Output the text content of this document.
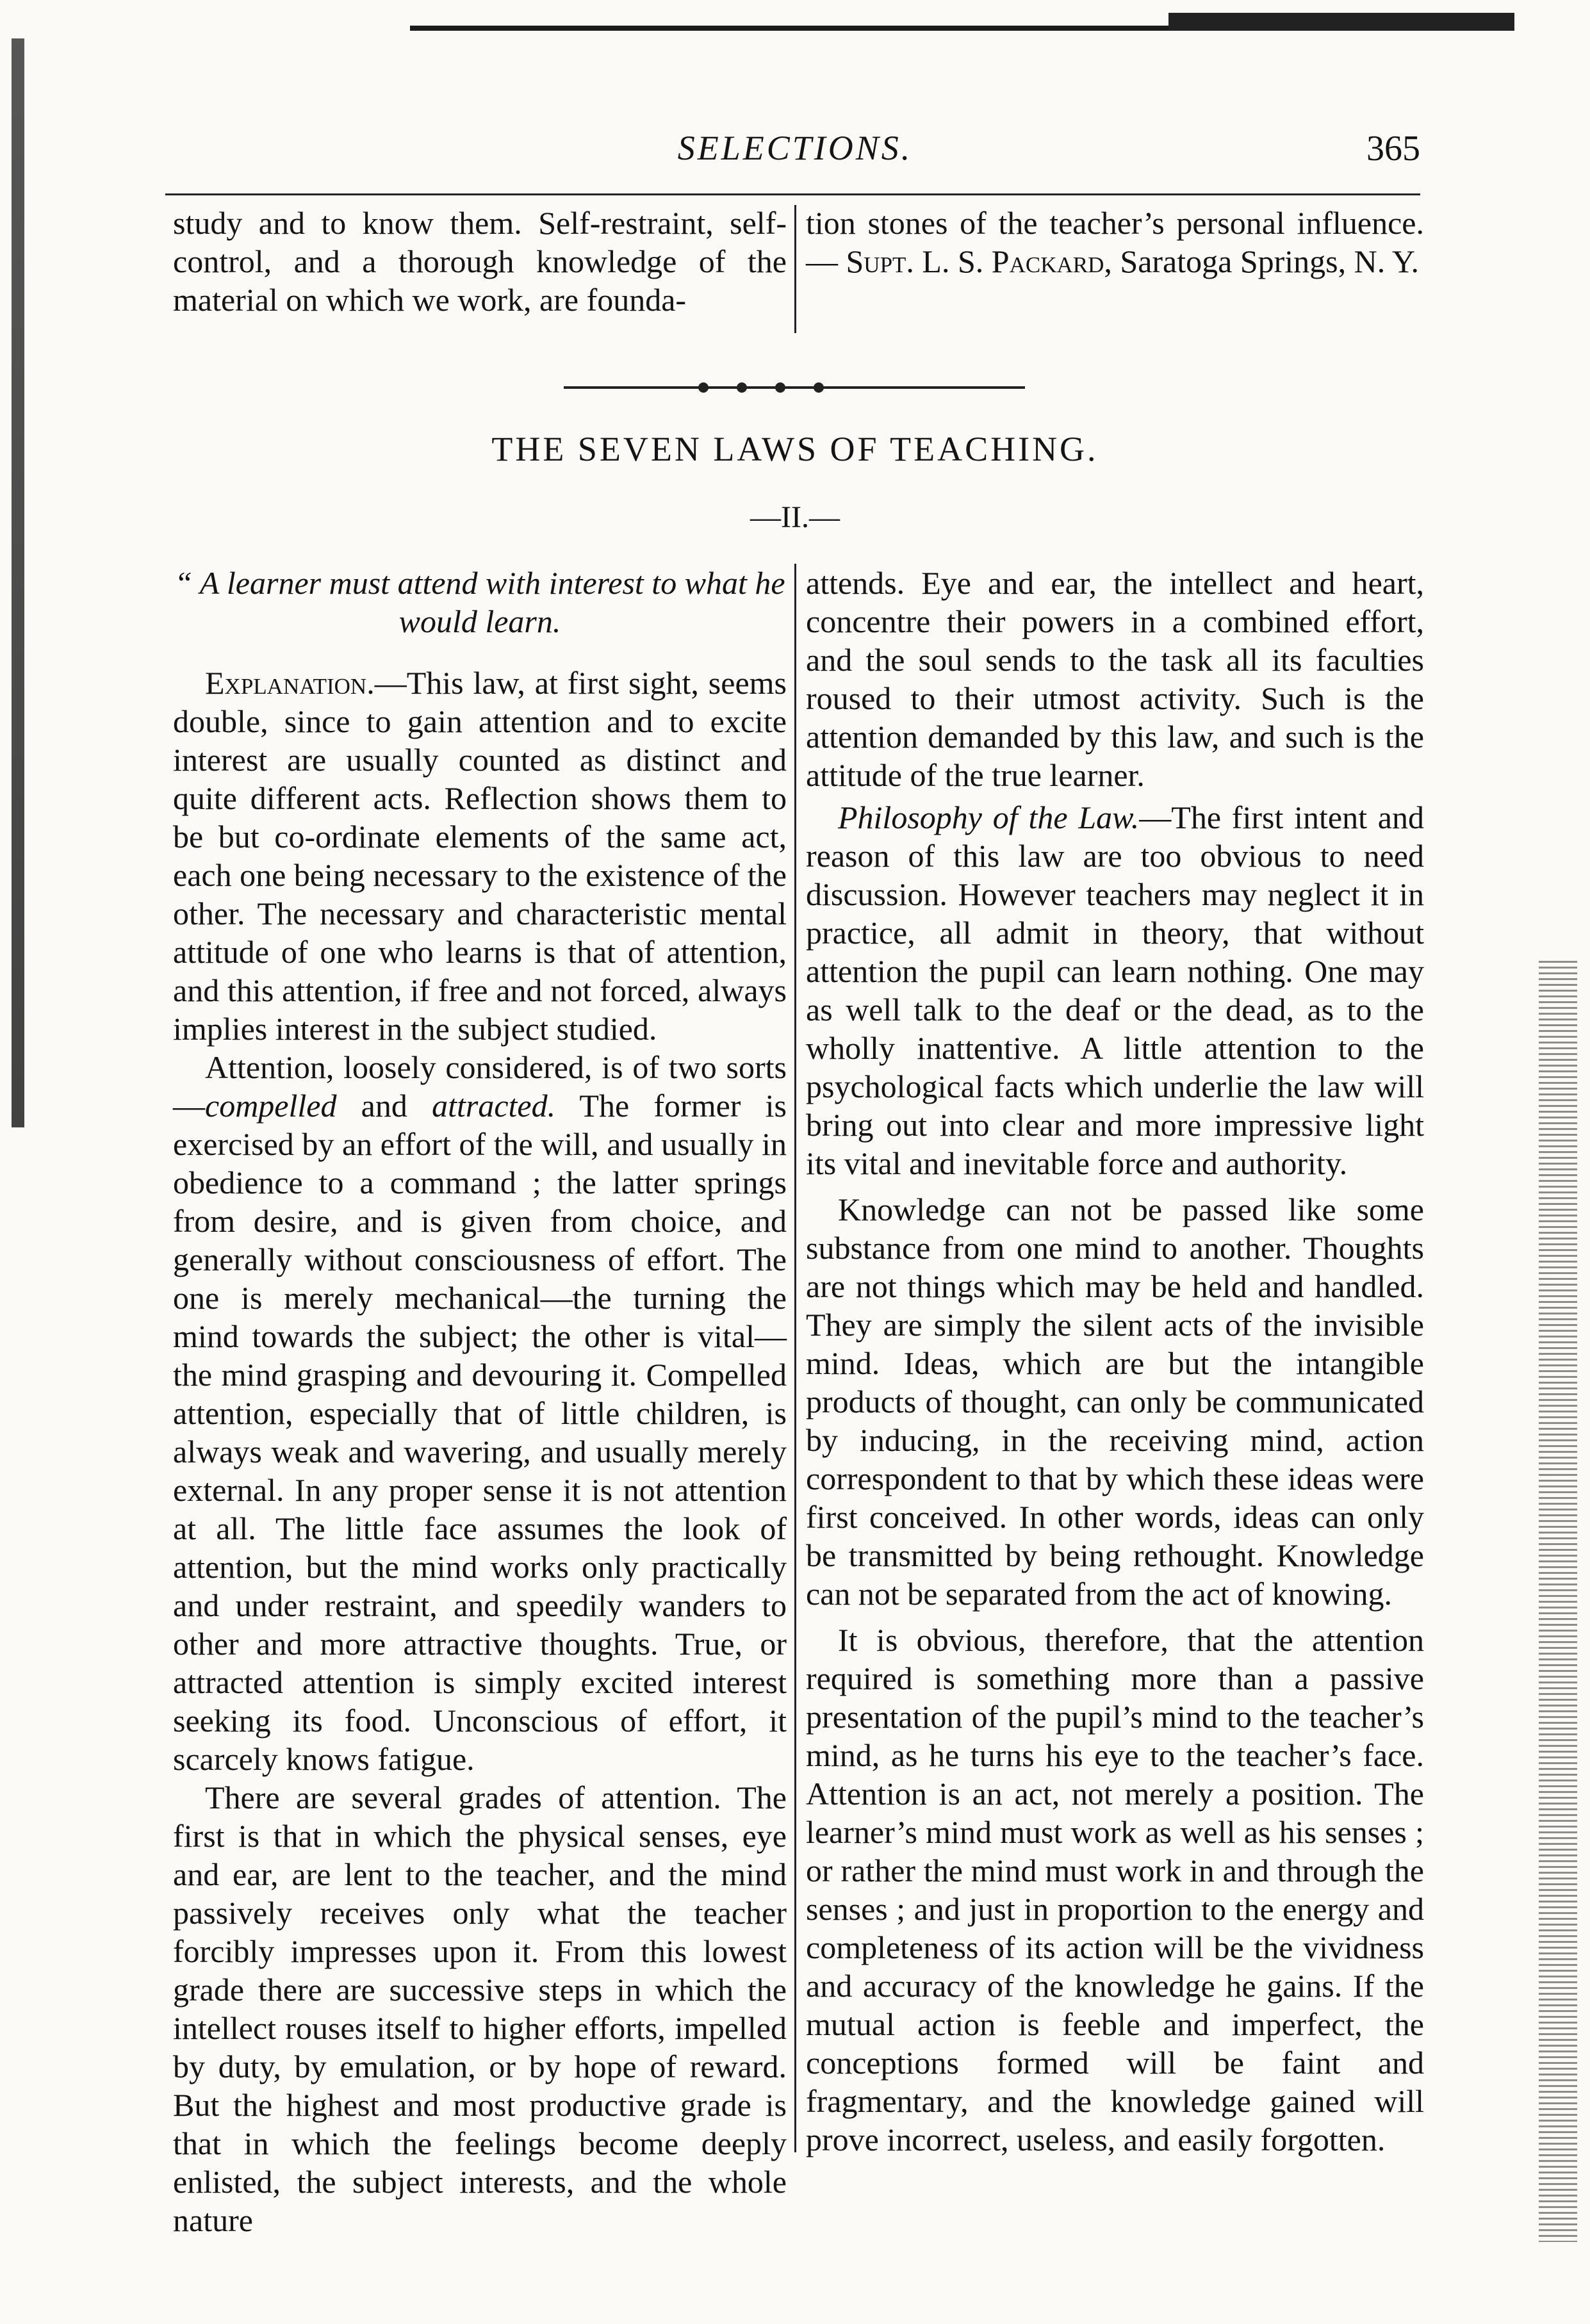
SELECTIONS.	365

study and to know them. Self-restraint, self-control, and a thorough knowledge of the material on which we work, are founda-

tion stones of the teacher’s personal influence.— Supt. L. S. Packard, Saratoga Springs, N. Y.

THE SEVEN LAWS OF TEACHING.
—II.—

“ A learner must attend with interest to what he would learn.

Explanation.—This law, at first sight, seems double, since to gain attention and to excite interest are usually counted as distinct and quite different acts. Reflection shows them to be but co-ordinate elements of the same act, each one being necessary to the existence of the other. The necessary and characteristic mental attitude of one who learns is that of attention, and this attention, if free and not forced, always implies interest in the subject studied.

Attention, loosely considered, is of two sorts—compelled and attracted. The former is exercised by an effort of the will, and usually in obedience to a command ; the latter springs from desire, and is given from choice, and generally without consciousness of effort. The one is merely mechanical—the turning the mind towards the subject; the other is vital—the mind grasping and devouring it. Compelled attention, especially that of little children, is always weak and wavering, and usually merely external. In any proper sense it is not attention at all. The little face assumes the look of attention, but the mind works only practically and under restraint, and speedily wanders to other and more attractive thoughts. True, or attracted attention is simply excited interest seeking its food. Unconscious of effort, it scarcely knows fatigue.

There are several grades of attention. The first is that in which the physical senses, eye and ear, are lent to the teacher, and the mind passively receives only what the teacher forcibly impresses upon it. From this lowest grade there are successive steps in which the intellect rouses itself to higher efforts, impelled by duty, by emulation, or by hope of reward. But the highest and most productive grade is that in which the feelings become deeply enlisted, the subject interests, and the whole nature

attends. Eye and ear, the intellect and heart, concentre their powers in a combined effort, and the soul sends to the task all its faculties roused to their utmost activity. Such is the attention demanded by this law, and such is the attitude of the true learner.

Philosophy of the Law.—The first intent and reason of this law are too obvious to need discussion. However teachers may neglect it in practice, all admit in theory, that without attention the pupil can learn nothing. One may as well talk to the deaf or the dead, as to the wholly inattentive. A little attention to the psychological facts which underlie the law will bring out into clear and more impressive light its vital and inevitable force and authority.

Knowledge can not be passed like some substance from one mind to another. Thoughts are not things which may be held and handled. They are simply the silent acts of the invisible mind. Ideas, which are but the intangible products of thought, can only be communicated by inducing, in the receiving mind, action correspondent to that by which these ideas were first conceived. In other words, ideas can only be transmitted by being rethought. Knowledge can not be separated from the act of knowing.

It is obvious, therefore, that the attention required is something more than a passive presentation of the pupil’s mind to the teacher’s mind, as he turns his eye to the teacher’s face. Attention is an act, not merely a position. The learner’s mind must work as well as his senses ; or rather the mind must work in and through the senses ; and just in proportion to the energy and completeness of its action will be the vividness and accuracy of the knowledge he gains. If the mutual action is feeble and imperfect, the conceptions formed will be faint and fragmentary, and the knowledge gained will prove incorrect, useless, and easily forgotten.
